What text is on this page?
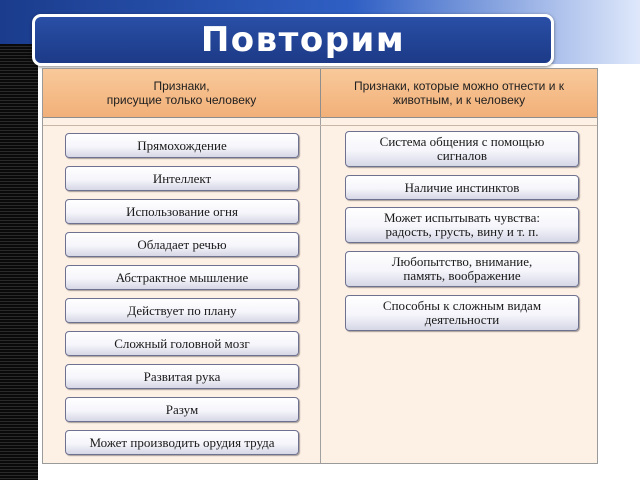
Повторим
Признаки,
присущие только человеку
Признаки, которые можно отнести и к
животным, и к человеку
Прямохождение
Интеллект
Использование огня
Обладает речью
Абстрактное мышление
Действует по плану
Сложный головной мозг
Развитая рука
Разум
Может производить орудия труда
Система общения с помощью
сигналов
Наличие инстинктов
Может испытывать чувства:
радость, грусть, вину и т. п.
Любопытство, внимание,
память, воображение
Способны к сложным видам
деятельности
